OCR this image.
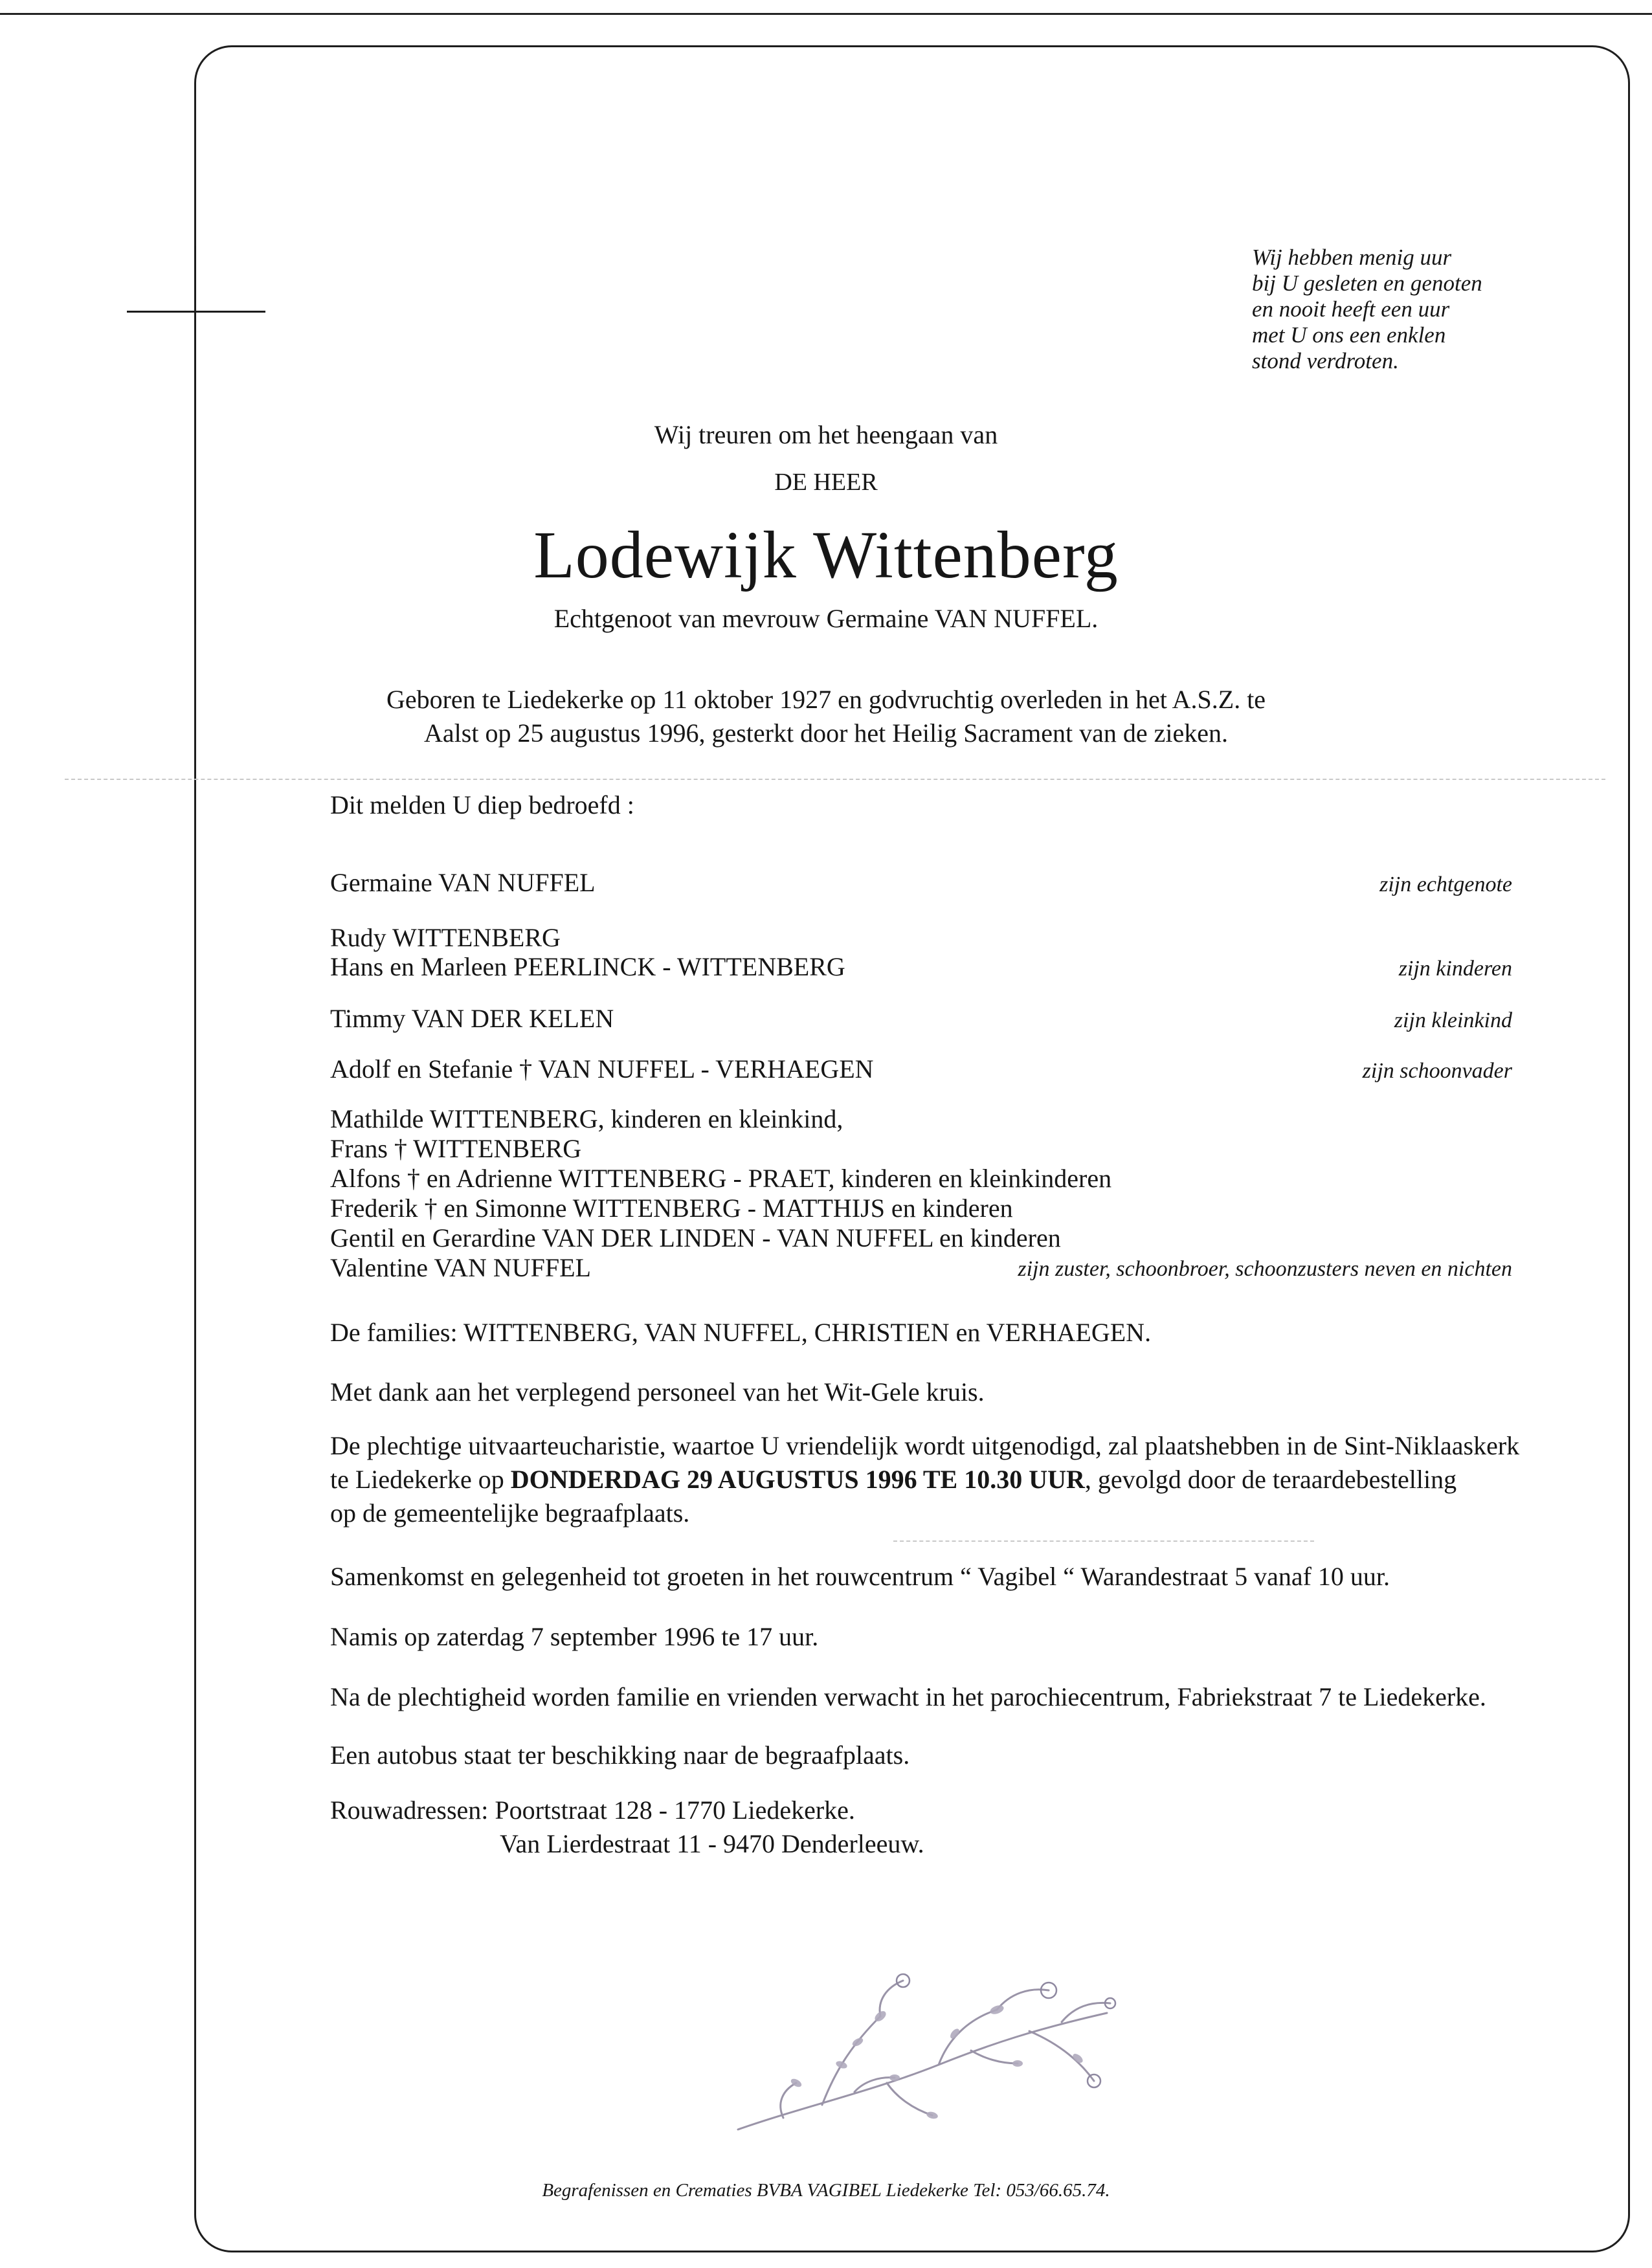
Wij hebben menig uur
bij U gesleten en genoten
en nooit heeft een uur
met U ons een enklen
stond verdroten.
Wij treuren om het heengaan van
DE HEER
Lodewijk Wittenberg
Echtgenoot van mevrouw Germaine VAN NUFFEL.
Geboren te Liedekerke op 11 oktober 1927 en godvruchtig overleden in het A.S.Z. te
Aalst op 25 augustus 1996, gesterkt door het Heilig Sacrament van de zieken.
Dit melden U diep bedroefd :
Germaine VAN NUFFEL	zijn echtgenote
Rudy WITTENBERG
Hans en Marleen PEERLINCK - WITTENBERG	zijn kinderen
Timmy VAN DER KELEN	zijn kleinkind
Adolf en Stefanie † VAN NUFFEL - VERHAEGEN	zijn schoonvader
Mathilde WITTENBERG, kinderen en kleinkind,
Frans † WITTENBERG
Alfons † en Adrienne WITTENBERG - PRAET, kinderen en kleinkinderen
Frederik † en Simonne WITTENBERG - MATTHIJS en kinderen
Gentil en Gerardine VAN DER LINDEN - VAN NUFFEL en kinderen
Valentine VAN NUFFEL	zijn zuster, schoonbroer, schoonzusters neven en nichten
De families: WITTENBERG, VAN NUFFEL, CHRISTIEN en VERHAEGEN.
Met dank aan het verplegend personeel van het Wit-Gele kruis.
De plechtige uitvaarteucharistie, waartoe U vriendelijk wordt uitgenodigd, zal plaatshebben in de Sint-Niklaaskerk
te Liedekerke op DONDERDAG 29 AUGUSTUS 1996 TE 10.30 UUR, gevolgd door de teraardebestelling
op de gemeentelijke begraafplaats.
Samenkomst en gelegenheid tot groeten in het rouwcentrum “ Vagibel “ Warandestraat 5 vanaf 10 uur.
Namis op zaterdag 7 september 1996 te 17 uur.
Na de plechtigheid worden familie en vrienden verwacht in het parochiecentrum, Fabriekstraat 7 te Liedekerke.
Een autobus staat ter beschikking naar de begraafplaats.
Rouwadressen: Poortstraat 128 - 1770 Liedekerke.
Van Lierdestraat 11 - 9470 Denderleeuw.
Begrafenissen en Crematies BVBA VAGIBEL Liedekerke Tel: 053/66.65.74.
